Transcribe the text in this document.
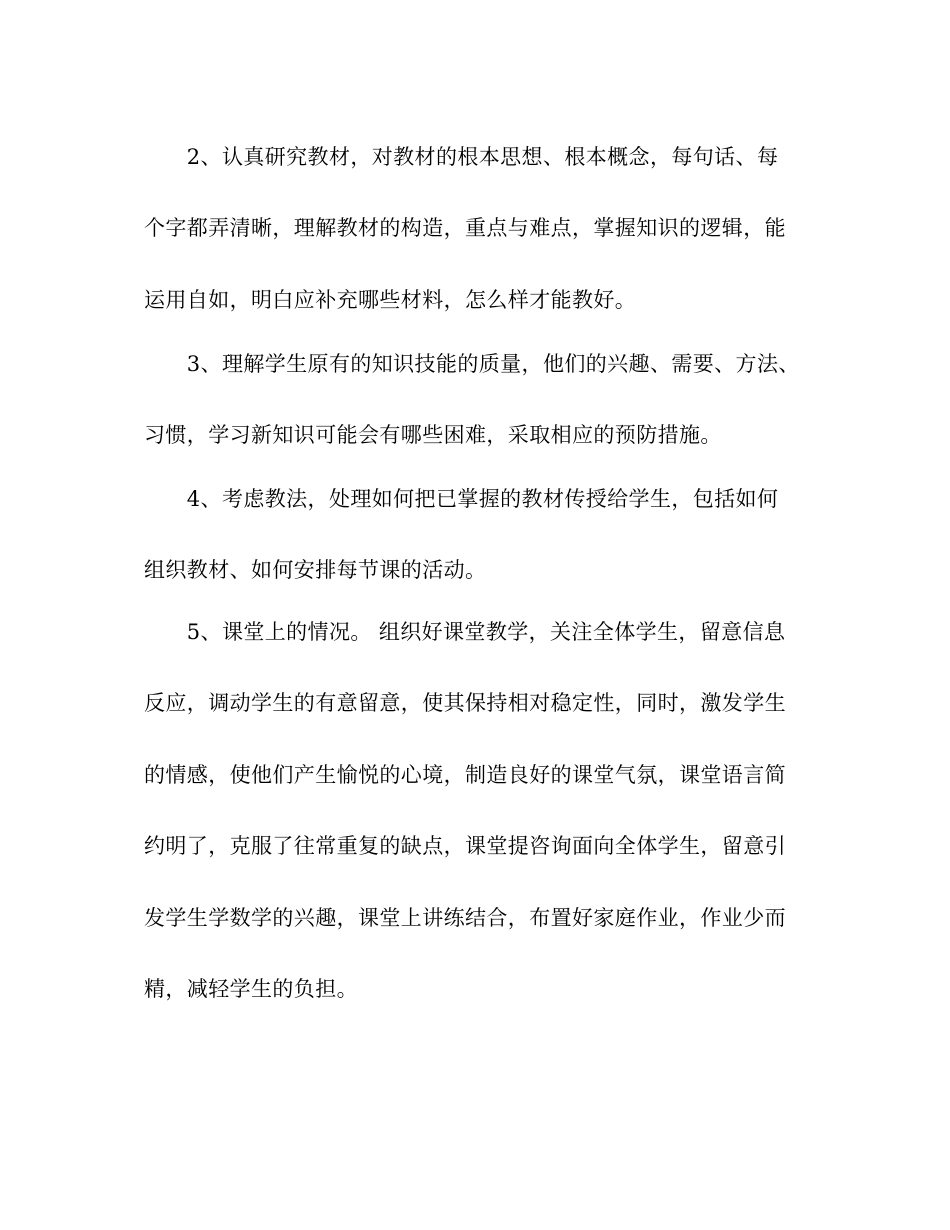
　　2、认真研究教材，对教材的根本思想、根本概念，每句话、每
个字都弄清晰，理解教材的构造，重点与难点，掌握知识的逻辑，能
运用自如，明白应补充哪些材料，怎么样才能教好。
　　3、理解学生原有的知识技能的质量，他们的兴趣、需要、方法、
习惯，学习新知识可能会有哪些困难，采取相应的预防措施。
　　4、考虑教法，处理如何把已掌握的教材传授给学生，包括如何
组织教材、如何安排每节课的活动。
　　5、课堂上的情况。 组织好课堂教学，关注全体学生，留意信息
反应，调动学生的有意留意，使其保持相对稳定性，同时，激发学生
的情感，使他们产生愉悦的心境，制造良好的课堂气氛，课堂语言简
约明了，克服了往常重复的缺点，课堂提咨询面向全体学生，留意引
发学生学数学的兴趣，课堂上讲练结合，布置好家庭作业，作业少而
精，减轻学生的负担。
